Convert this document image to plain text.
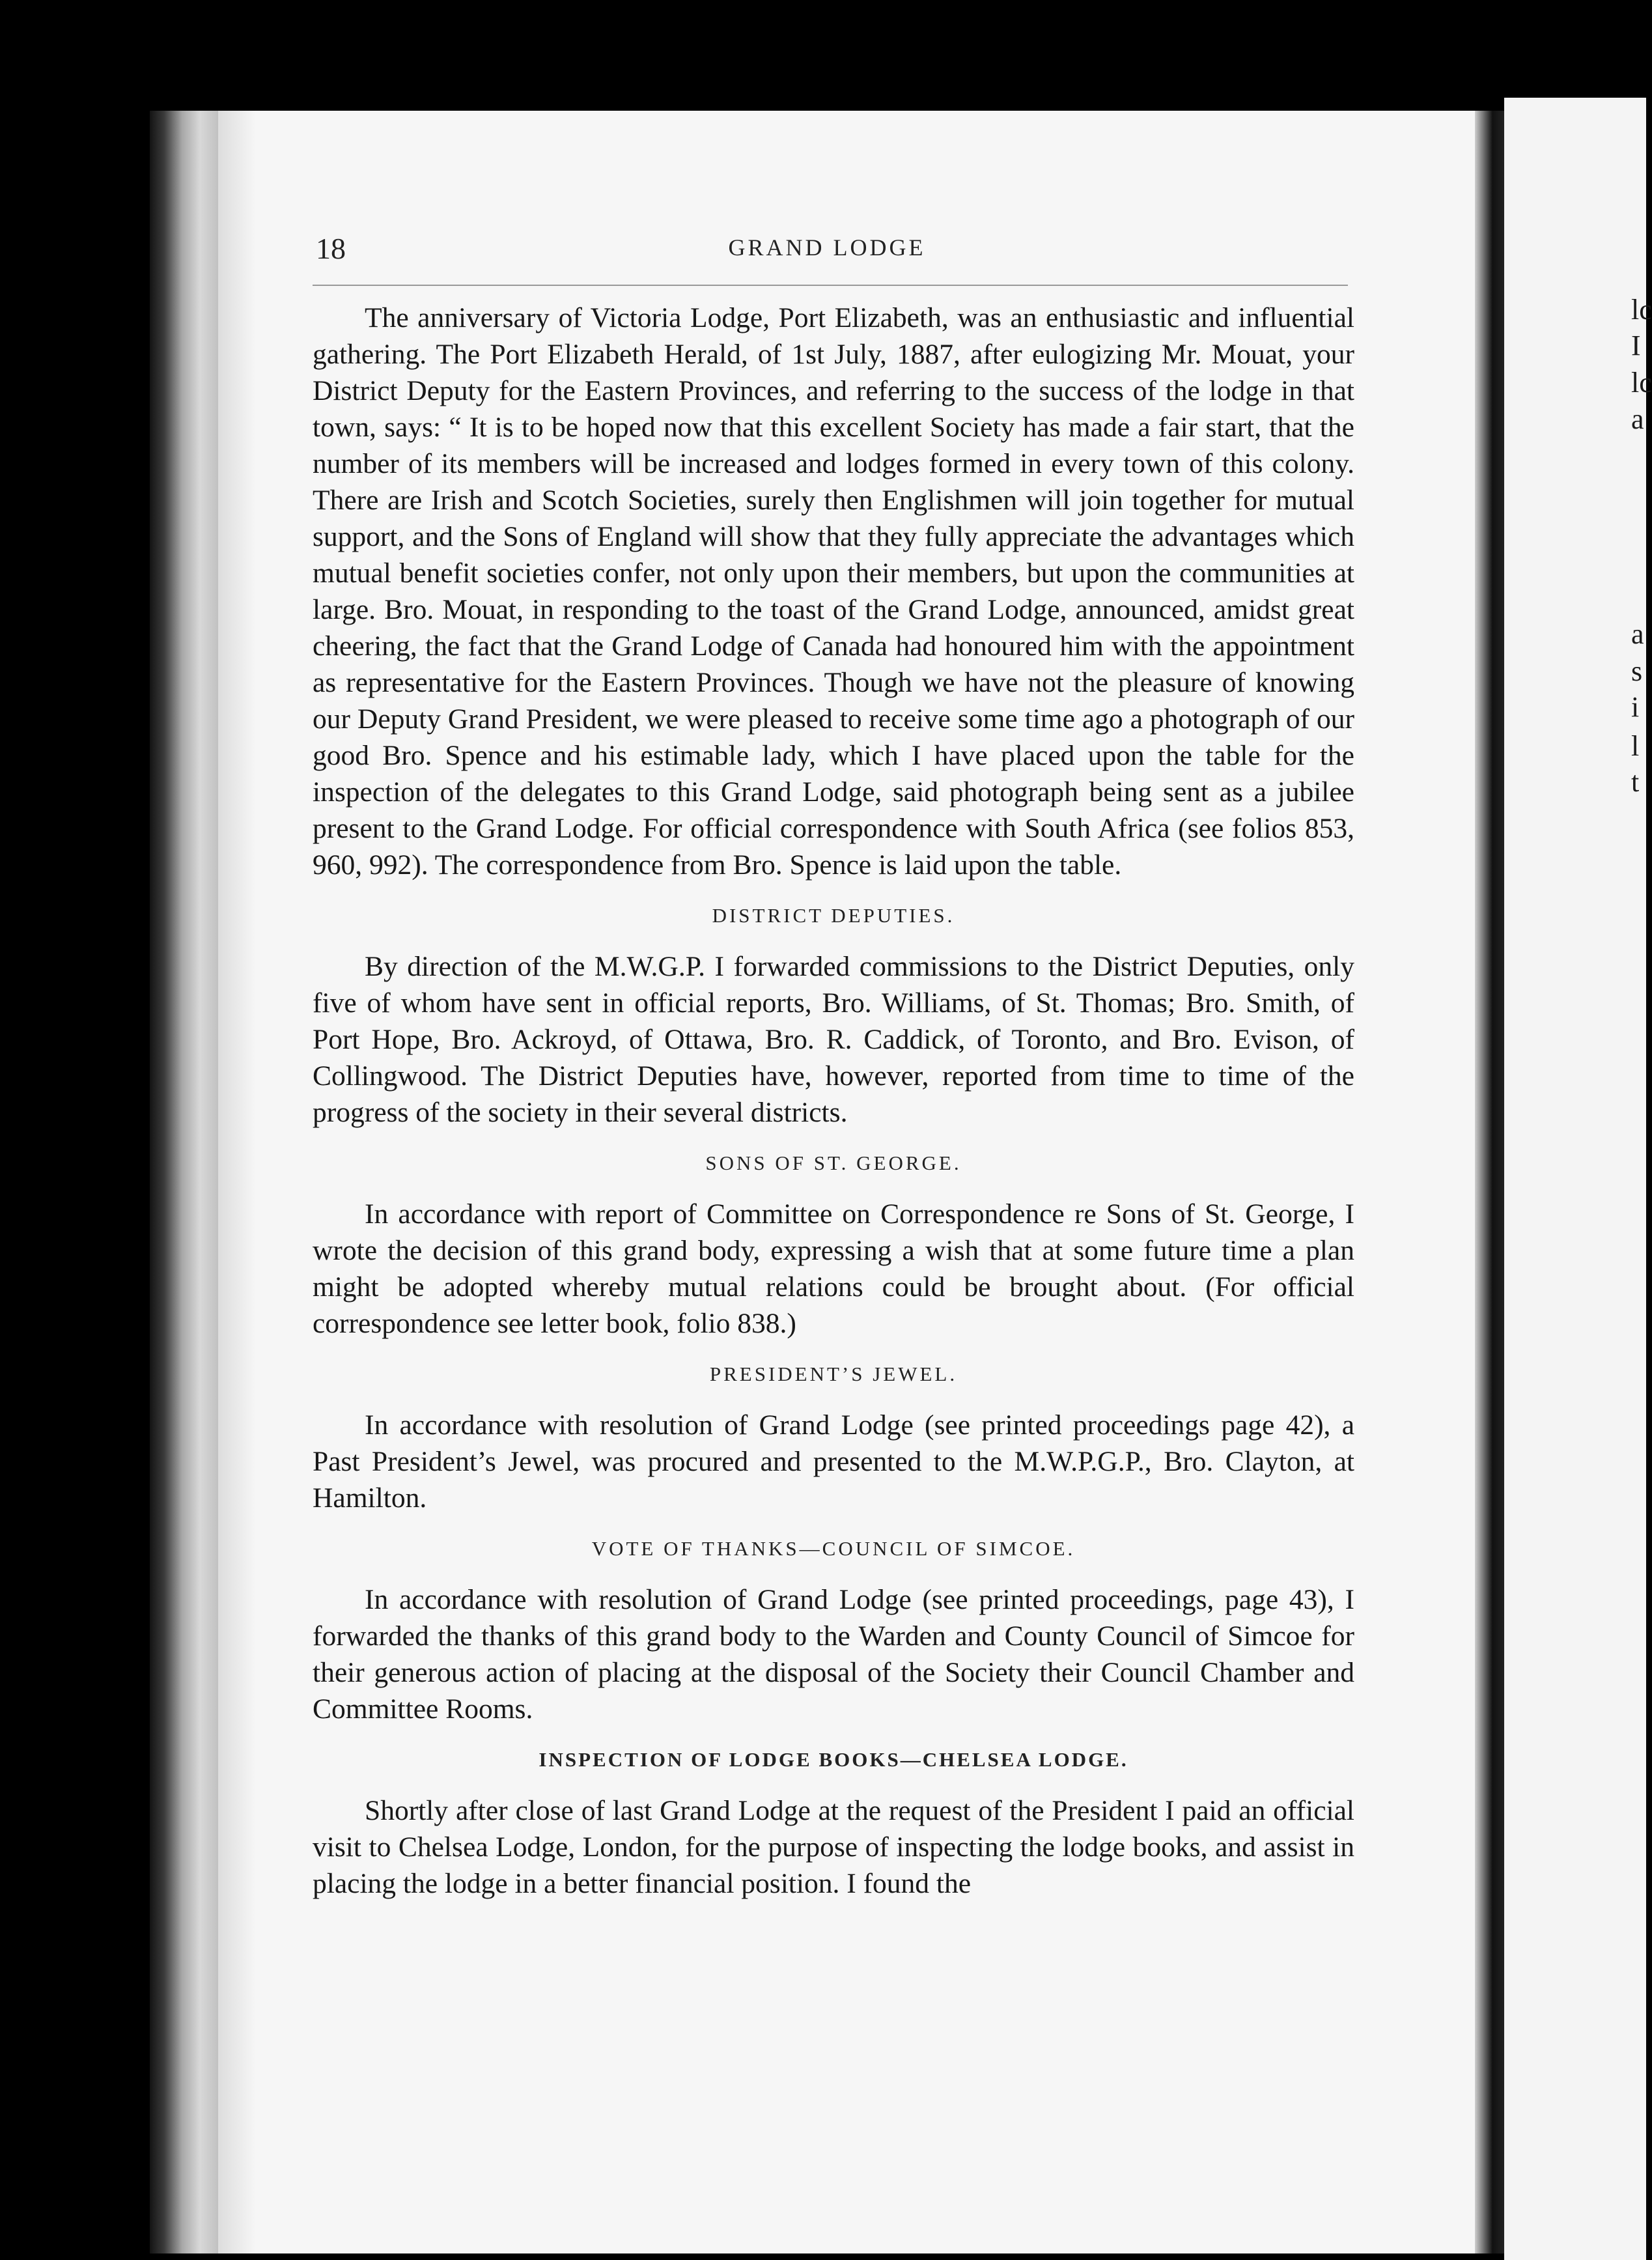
lc
I
lc
a
a
s
i
l
t
18	GRAND LODGE

The anniversary of Victoria Lodge, Port Elizabeth, was an enthusiastic and influential gathering. The Port Elizabeth Herald, of 1st July, 1887, after eulogizing Mr. Mouat, your District Deputy for the Eastern Provinces, and referring to the success of the lodge in that town, says: “ It is to be hoped now that this excellent Society has made a fair start, that the number of its members will be increased and lodges formed in every town of this colony. There are Irish and Scotch Societies, surely then Englishmen will join together for mutual support, and the Sons of England will show that they fully appreciate the advantages which mutual benefit societies confer, not only upon their members, but upon the communities at large. Bro. Mouat, in responding to the toast of the Grand Lodge, announced, amidst great cheering, the fact that the Grand Lodge of Canada had honoured him with the appointment as representative for the Eastern Provinces. Though we have not the pleasure of knowing our Deputy Grand President, we were pleased to receive some time ago a photograph of our good Bro. Spence and his estimable lady, which I have placed upon the table for the inspection of the delegates to this Grand Lodge, said photograph being sent as a jubilee present to the Grand Lodge. For official correspondence with South Africa (see folios 853, 960, 992). The correspondence from Bro. Spence is laid upon the table.

DISTRICT DEPUTIES.

By direction of the M.W.G.P. I forwarded commissions to the District Deputies, only five of whom have sent in official reports, Bro. Williams, of St. Thomas; Bro. Smith, of Port Hope, Bro. Ackroyd, of Ottawa, Bro. R. Caddick, of Toronto, and Bro. Evison, of Collingwood. The District Deputies have, however, reported from time to time of the progress of the society in their several districts.

SONS OF ST. GEORGE.

In accordance with report of Committee on Correspondence re Sons of St. George, I wrote the decision of this grand body, expressing a wish that at some future time a plan might be adopted whereby mutual relations could be brought about. (For official correspondence see letter book, folio 838.)

PRESIDENT’S JEWEL.

In accordance with resolution of Grand Lodge (see printed proceedings page 42), a Past President’s Jewel, was procured and presented to the M.W.P.G.P., Bro. Clayton, at Hamilton.

VOTE OF THANKS—COUNCIL OF SIMCOE.

In accordance with resolution of Grand Lodge (see printed proceedings, page 43), I forwarded the thanks of this grand body to the Warden and County Council of Simcoe for their generous action of placing at the disposal of the Society their Council Chamber and Committee Rooms.

INSPECTION OF LODGE BOOKS—CHELSEA LODGE.

Shortly after close of last Grand Lodge at the request of the President I paid an official visit to Chelsea Lodge, London, for the purpose of inspecting the lodge books, and assist in placing the lodge in a better financial position. I found the
